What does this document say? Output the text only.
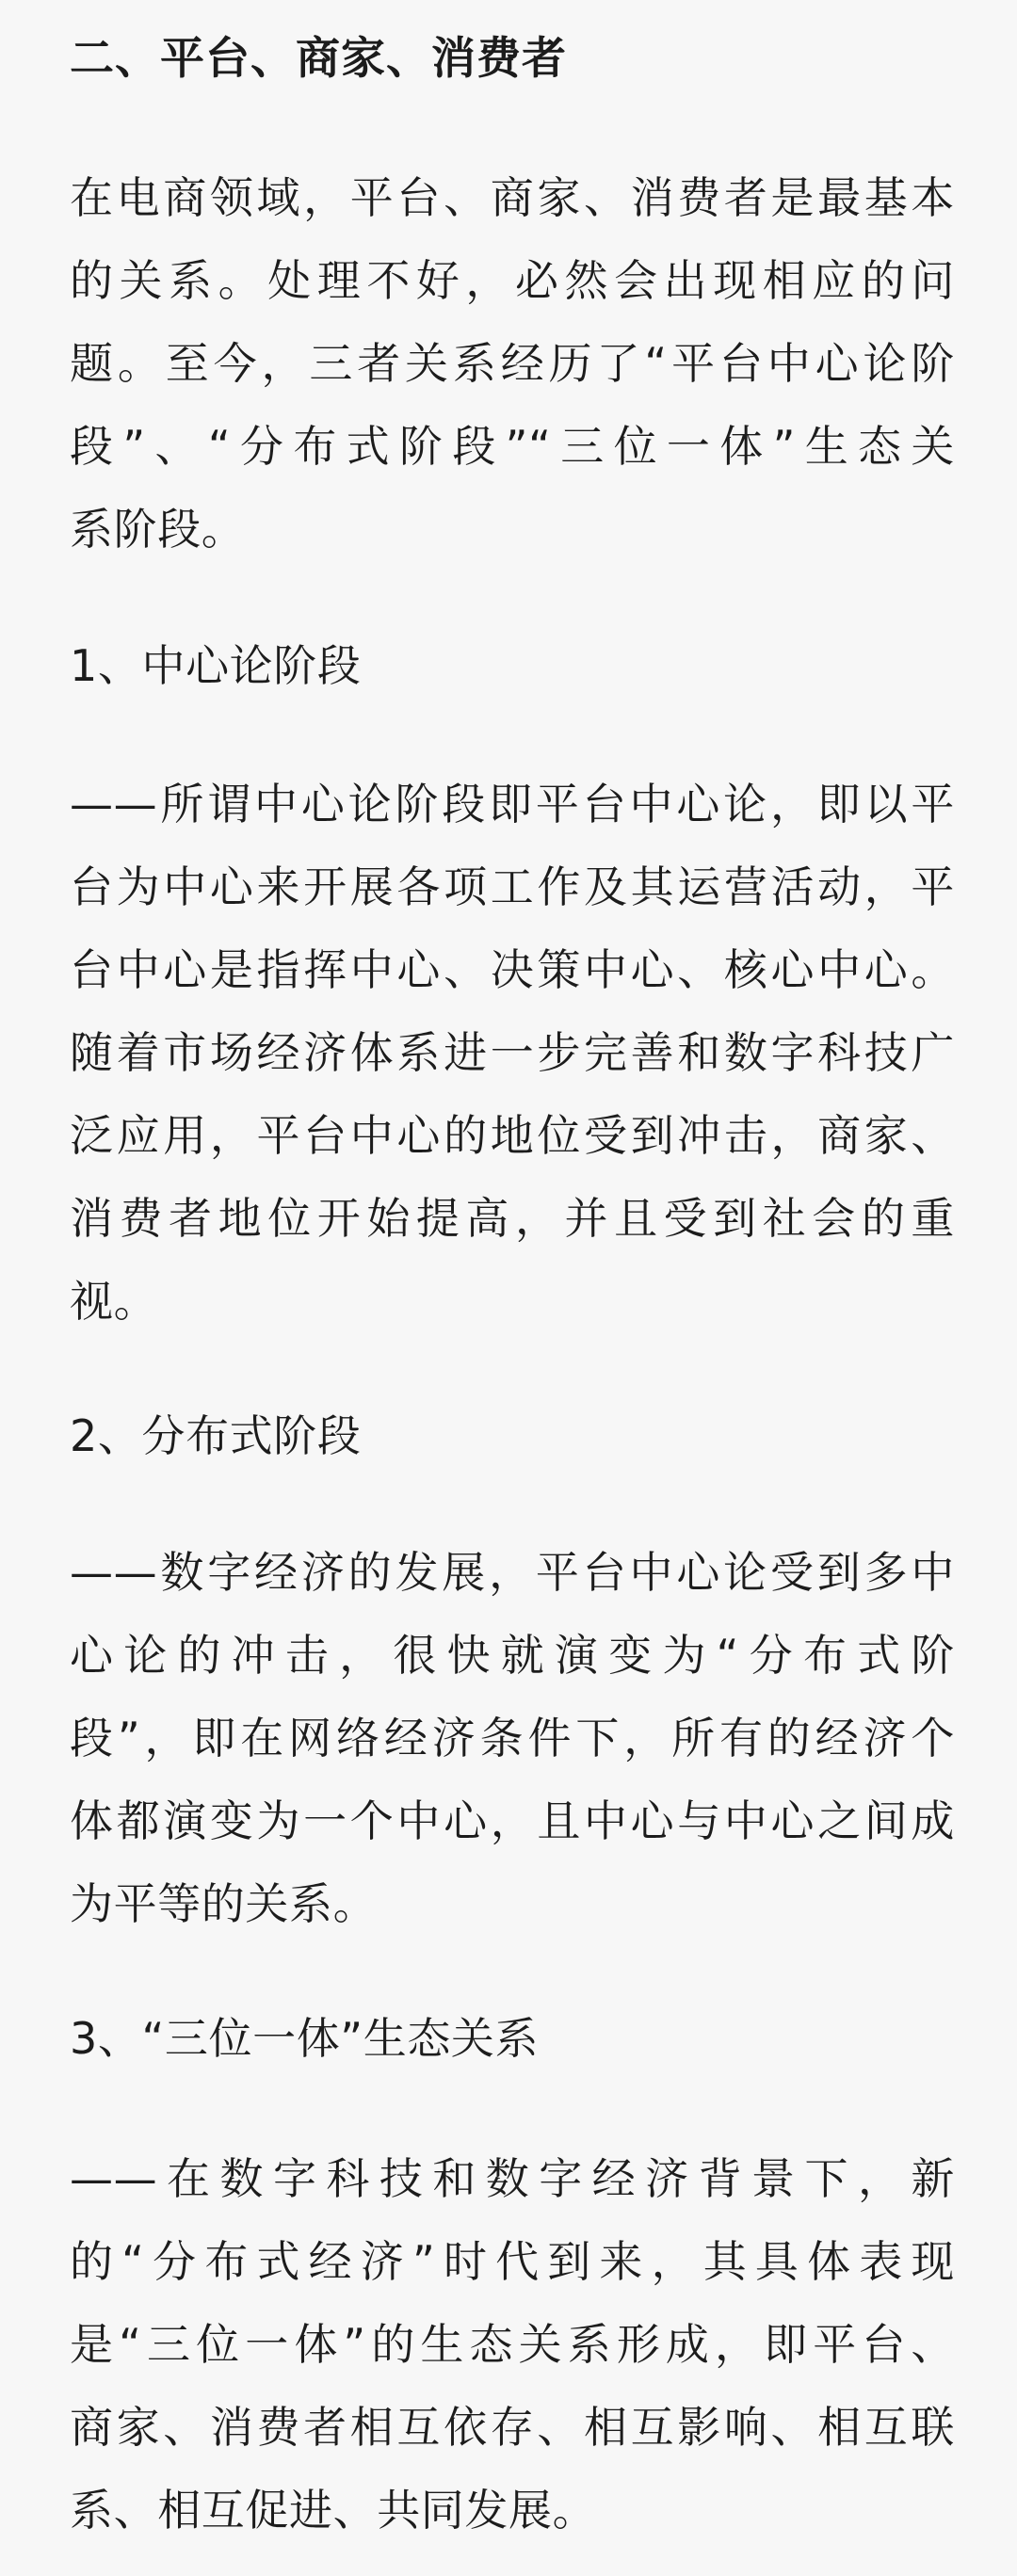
二、平台、商家、消费者
在电商领域，平台、商家、消费者是最基本
的关系。处理不好，必然会出现相应的问
题。至今，三者关系经历了“平台中心论阶
段”、“分布式阶段”“三位一体”生态关
系阶段。
1、中心论阶段
——所谓中心论阶段即平台中心论，即以平
台为中心来开展各项工作及其运营活动，平
台中心是指挥中心、决策中心、核心中心。
随着市场经济体系进一步完善和数字科技广
泛应用，平台中心的地位受到冲击，商家、
消费者地位开始提高，并且受到社会的重
视。
2、分布式阶段
——数字经济的发展，平台中心论受到多中
心论的冲击，很快就演变为“分布式阶
段”，即在网络经济条件下，所有的经济个
体都演变为一个中心，且中心与中心之间成
为平等的关系。
3、“三位一体”生态关系
——在数字科技和数字经济背景下，新
的“分布式经济”时代到来，其具体表现
是“三位一体”的生态关系形成，即平台、
商家、消费者相互依存、相互影响、相互联
系、相互促进、共同发展。
